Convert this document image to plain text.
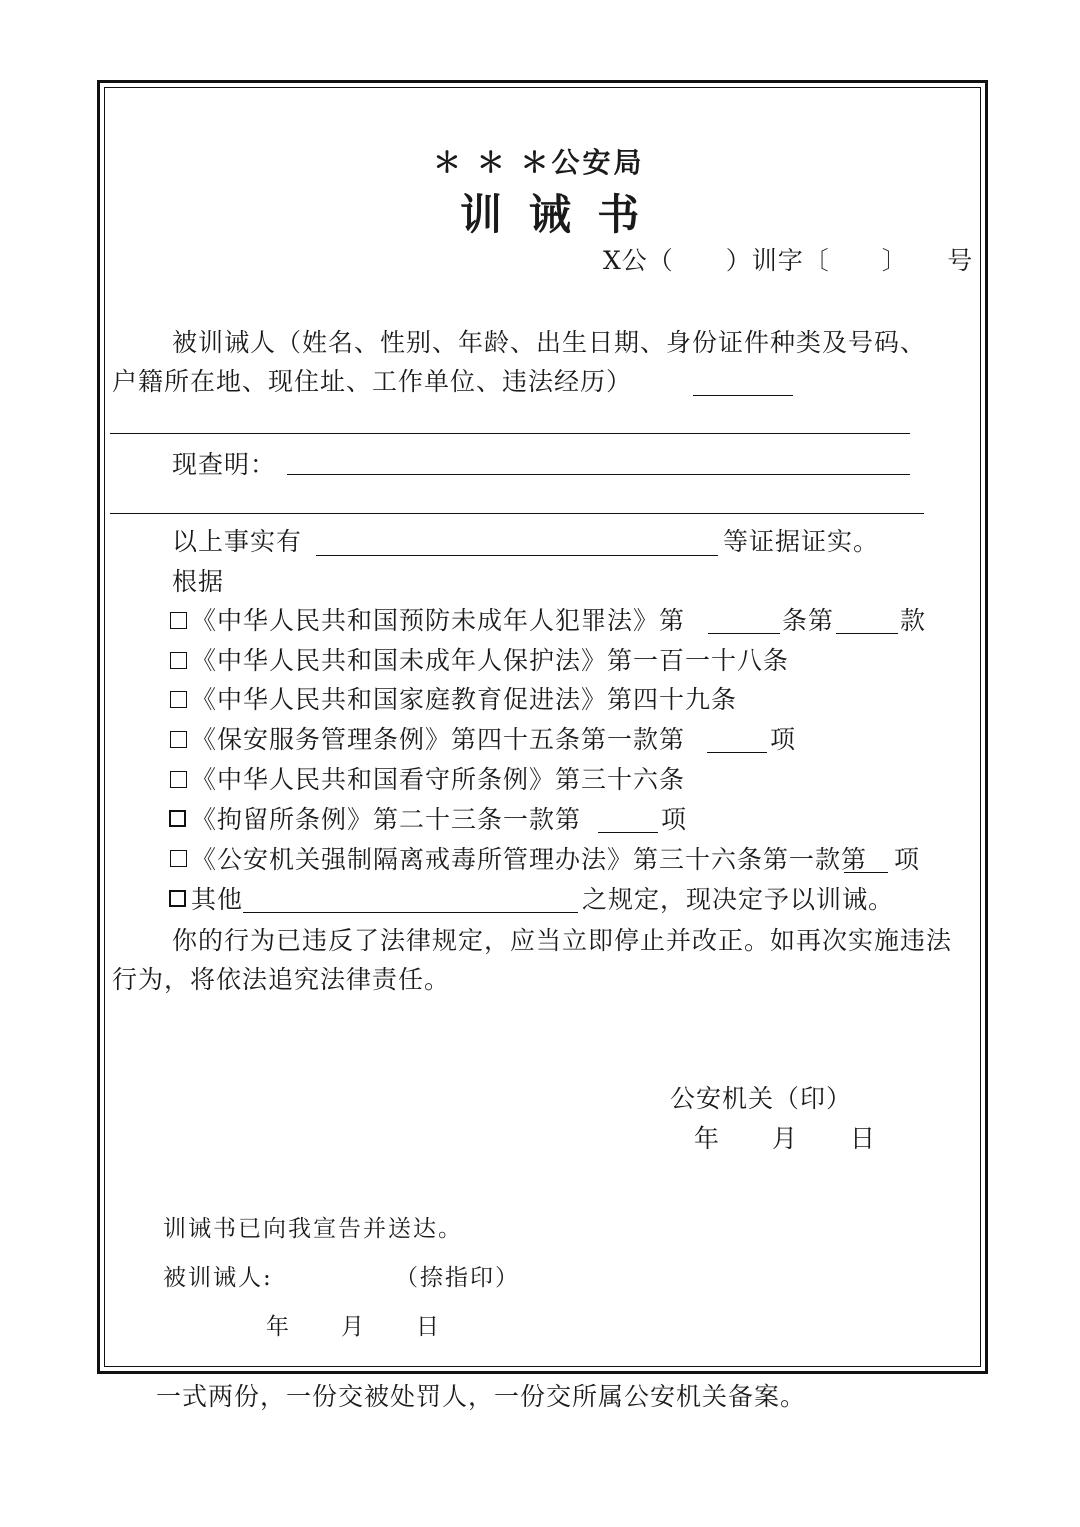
＊ ＊ ＊公安局
训 诫 书
X公（　　）训字〔　　〕　　号
被训诫人（姓名、性别、年龄、出生日期、身份证件种类及号码、
户籍所在地、现住址、工作单位、违法经历）
现查明：
以上事实有	等证据证实。
根据
《中华人民共和国预防未成年人犯罪法》第	条第	款
《中华人民共和国未成年人保护法》第一百一十八条
《中华人民共和国家庭教育促进法》第四十九条
《保安服务管理条例》第四十五条第一款第	项
《中华人民共和国看守所条例》第三十六条
《拘留所条例》第二十三条一款第	项
《公安机关强制隔离戒毒所管理办法》第三十六条第一款第 项
其他	之规定，现决定予以训诫。
你的行为已违反了法律规定，应当立即停止并改正。如再次实施违法
行为，将依法追究法律责任。
公安机关（印）
年　　月　　日
训诫书已向我宣告并送达。
被训诫人:	（捺指印）
年　　月　　日
一式两份，一份交被处罚人，一份交所属公安机关备案。
